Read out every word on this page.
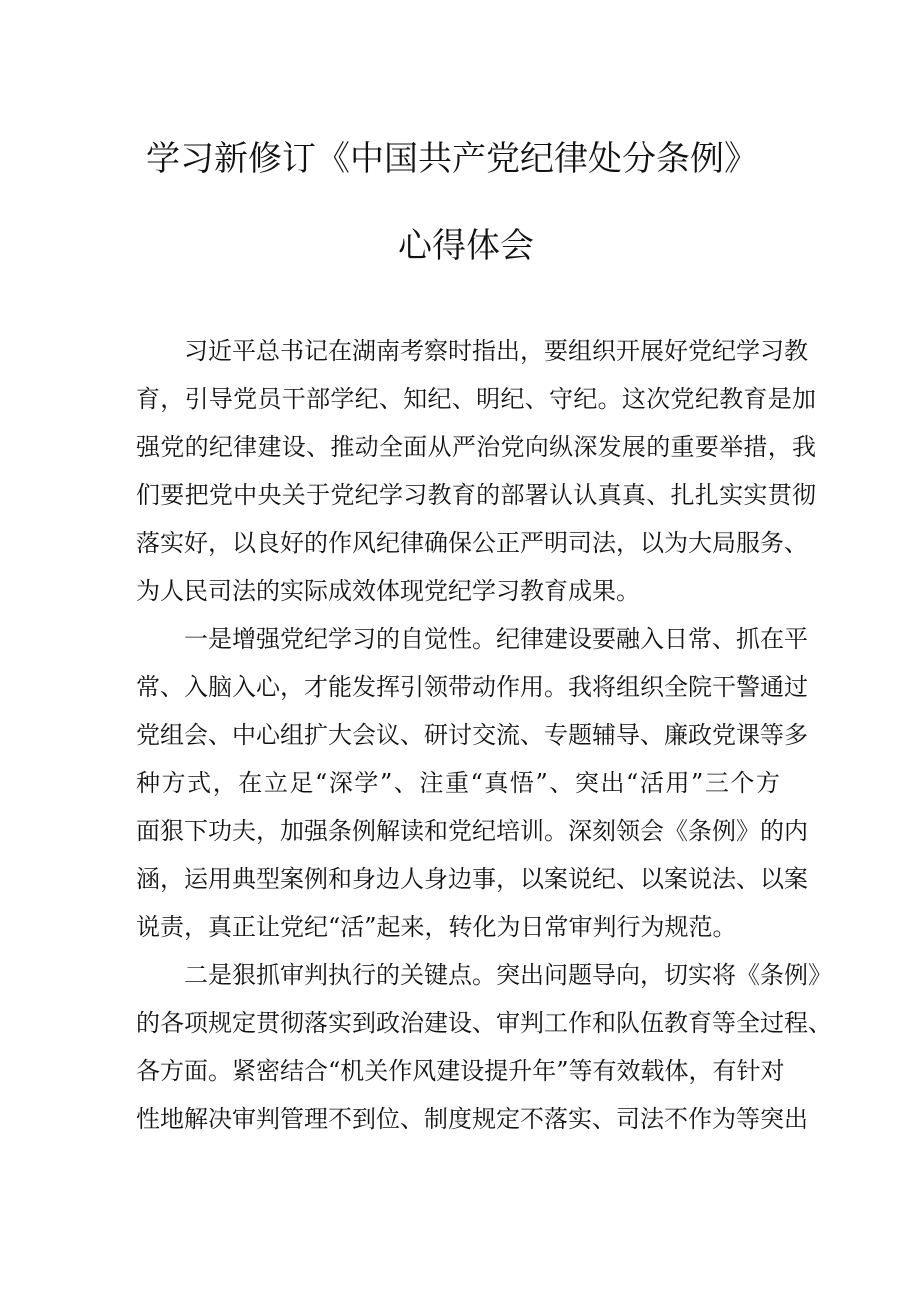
学习新修订《中国共产党纪律处分条例》
心得体会
习近平总书记在湖南考察时指出，要组织开展好党纪学习教
育，引导党员干部学纪、知纪、明纪、守纪。这次党纪教育是加
强党的纪律建设、推动全面从严治党向纵深发展的重要举措，我
们要把党中央关于党纪学习教育的部署认认真真、扎扎实实贯彻
落实好，以良好的作风纪律确保公正严明司法，以为大局服务、
为人民司法的实际成效体现党纪学习教育成果。
一是增强党纪学习的自觉性。纪律建设要融入日常、抓在平
常、入脑入心，才能发挥引领带动作用。我将组织全院干警通过
党组会、中心组扩大会议、研讨交流、专题辅导、廉政党课等多
种方式，在立足“深学”、注重“真悟”、突出“活用”三个方
面狠下功夫，加强条例解读和党纪培训。深刻领会《条例》的内
涵，运用典型案例和身边人身边事，以案说纪、以案说法、以案
说责，真正让党纪“活”起来，转化为日常审判行为规范。
二是狠抓审判执行的关键点。突出问题导向，切实将《条例》
的各项规定贯彻落实到政治建设、审判工作和队伍教育等全过程、
各方面。紧密结合“机关作风建设提升年”等有效载体，有针对
性地解决审判管理不到位、制度规定不落实、司法不作为等突出
